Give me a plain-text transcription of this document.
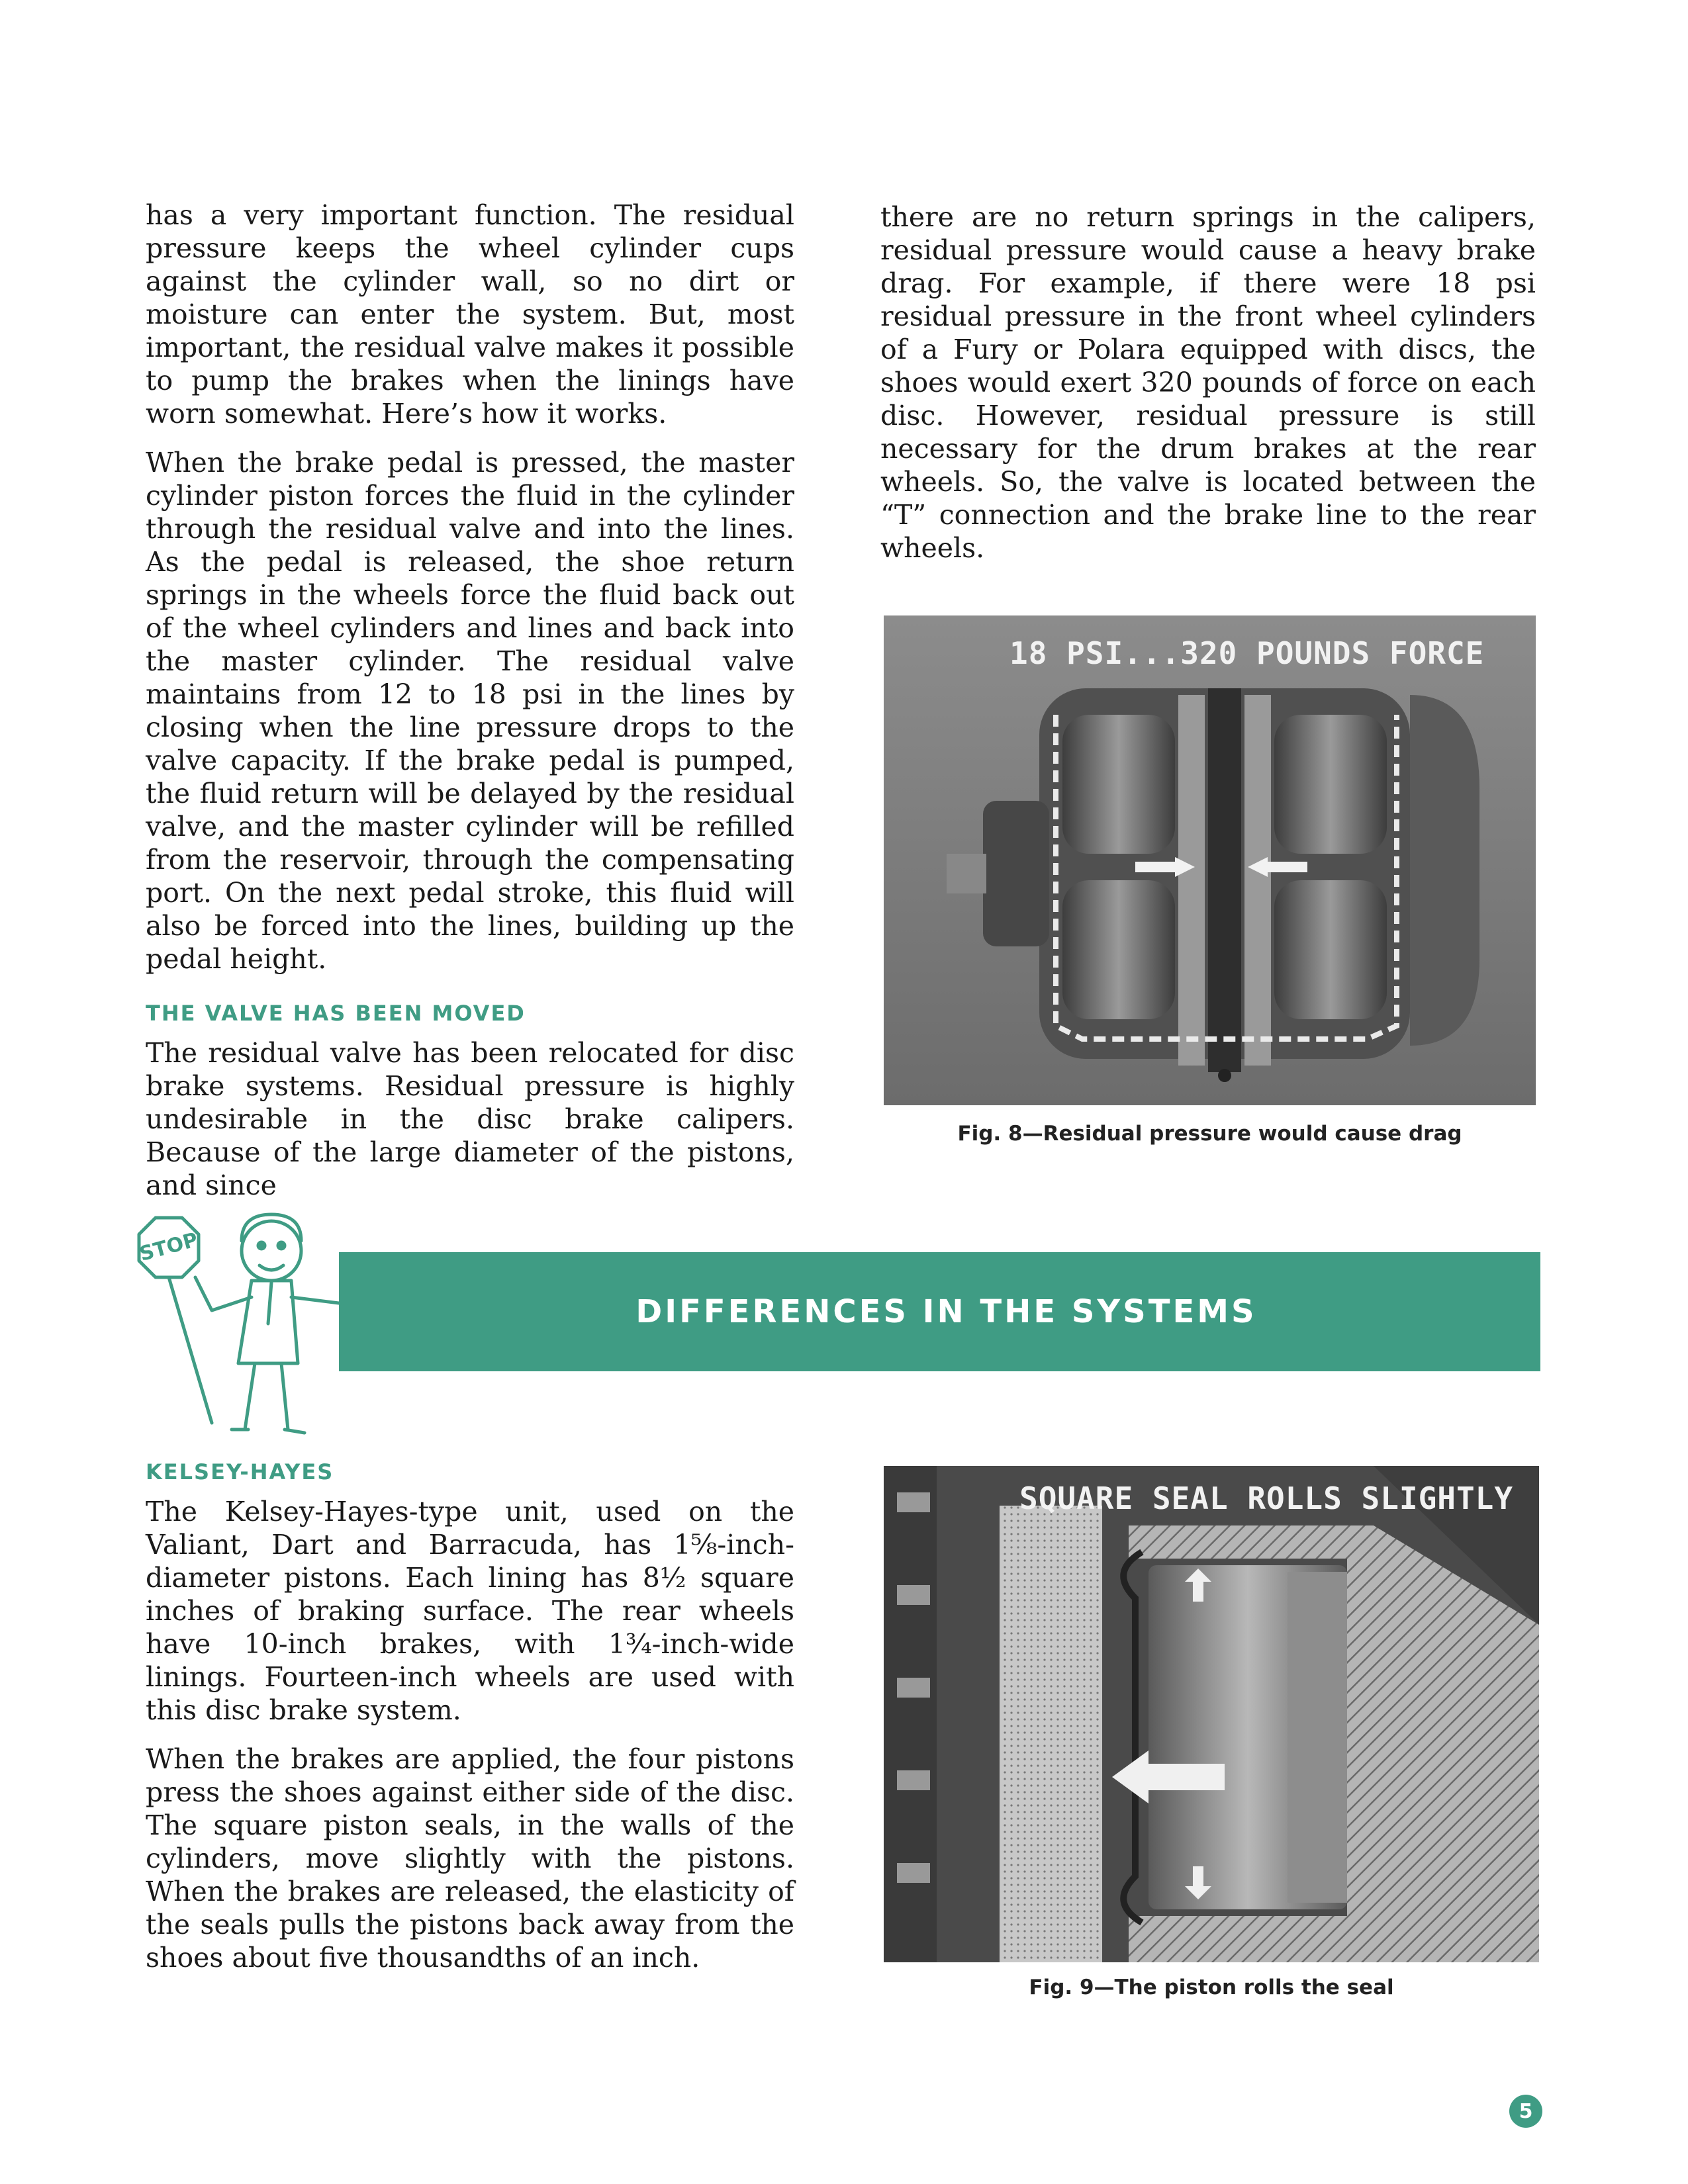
has a very important function. The residual pressure keeps the wheel cylinder cups against the cylinder wall, so no dirt or moisture can enter the system. But, most important, the residual valve makes it possible to pump the brakes when the linings have worn somewhat. Here’s how it works.

When the brake pedal is pressed, the master cylinder piston forces the fluid in the cylinder through the residual valve and into the lines. As the pedal is released, the shoe return springs in the wheels force the fluid back out of the wheel cylinders and lines and back into the master cylinder. The residual valve maintains from 12 to 18 psi in the lines by closing when the line pressure drops to the valve capacity. If the brake pedal is pumped, the fluid return will be delayed by the residual valve, and the master cylinder will be refilled from the reservoir, through the compensating port. On the next pedal stroke, this fluid will also be forced into the lines, building up the pedal height.

THE VALVE HAS BEEN MOVED

The residual valve has been relocated for disc brake systems. Residual pressure is highly undesirable in the disc brake calipers. Because of the large diameter of the pistons, and since

there are no return springs in the calipers, residual pressure would cause a heavy brake drag. For example, if there were 18 psi residual pressure in the front wheel cylinders of a Fury or Polara equipped with discs, the shoes would exert 320 pounds of force on each disc. However, residual pressure is still necessary for the drum brakes at the rear wheels. So, the valve is located between the “T” connection and the brake line to the rear wheels.

18 PSI...320 POUNDS FORCE
Fig. 8—Residual pressure would cause drag
STOP
DIFFERENCES IN THE SYSTEMS
KELSEY-HAYES

The Kelsey-Hayes-type unit, used on the Valiant, Dart and Barracuda, has 1⅝-inch-diameter pistons. Each lining has 8½ square inches of braking surface. The rear wheels have 10-inch brakes, with 1¾-inch-wide linings. Fourteen-inch wheels are used with this disc brake system.

When the brakes are applied, the four pistons press the shoes against either side of the disc. The square piston seals, in the walls of the cylinders, move slightly with the pistons. When the brakes are released, the elasticity of the seals pulls the pistons back away from the shoes about five thousandths of an inch.

SQUARE SEAL ROLLS SLIGHTLY
Fig. 9—The piston rolls the seal
5
